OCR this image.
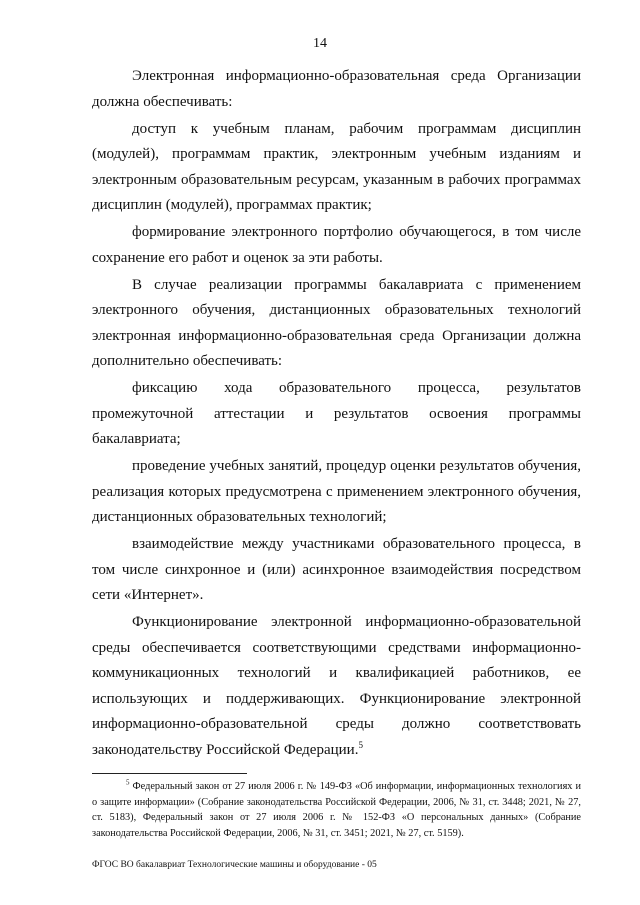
14

Электронная информационно-образовательная среда Организации должна обеспечивать:

доступ к учебным планам, рабочим программам дисциплин (модулей), программам практик, электронным учебным изданиям и электронным образовательным ресурсам, указанным в рабочих программах дисциплин (модулей), программах практик;

формирование электронного портфолио обучающегося, в том числе сохранение его работ и оценок за эти работы.

В случае реализации программы бакалавриата с применением электронного обучения, дистанционных образовательных технологий электронная информационно-образовательная среда Организации должна дополнительно обеспечивать:

фиксацию хода образовательного процесса, результатов промежуточной аттестации и результатов освоения программы бакалавриата;

проведение учебных занятий, процедур оценки результатов обучения, реализация которых предусмотрена с применением электронного обучения, дистанционных образовательных технологий;

взаимодействие между участниками образовательного процесса, в том числе синхронное и (или) асинхронное взаимодействия посредством сети «Интернет».

Функционирование электронной информационно-образовательной среды обеспечивается соответствующими средствами информационно-коммуникационных технологий и квалификацией работников, ее использующих и поддерживающих. Функционирование электронной информационно-образовательной среды должно соответствовать законодательству Российской Федерации.$^5$

$^5$ Федеральный закон от 27 июля 2006 г. № 149-ФЗ «Об информации, информационных технологиях и о защите информации» (Собрание законодательства Российской Федерации, 2006, № 31, ст. 3448; 2021, № 27, ст. 5183), Федеральный закон от 27 июля 2006 г. № 152-ФЗ «О персональных данных» (Собрание законодательства Российской Федерации, 2006, № 31, ст. 3451; 2021, № 27, ст. 5159).

ФГОС ВО бакалавриат Технологические машины и оборудование - 05
